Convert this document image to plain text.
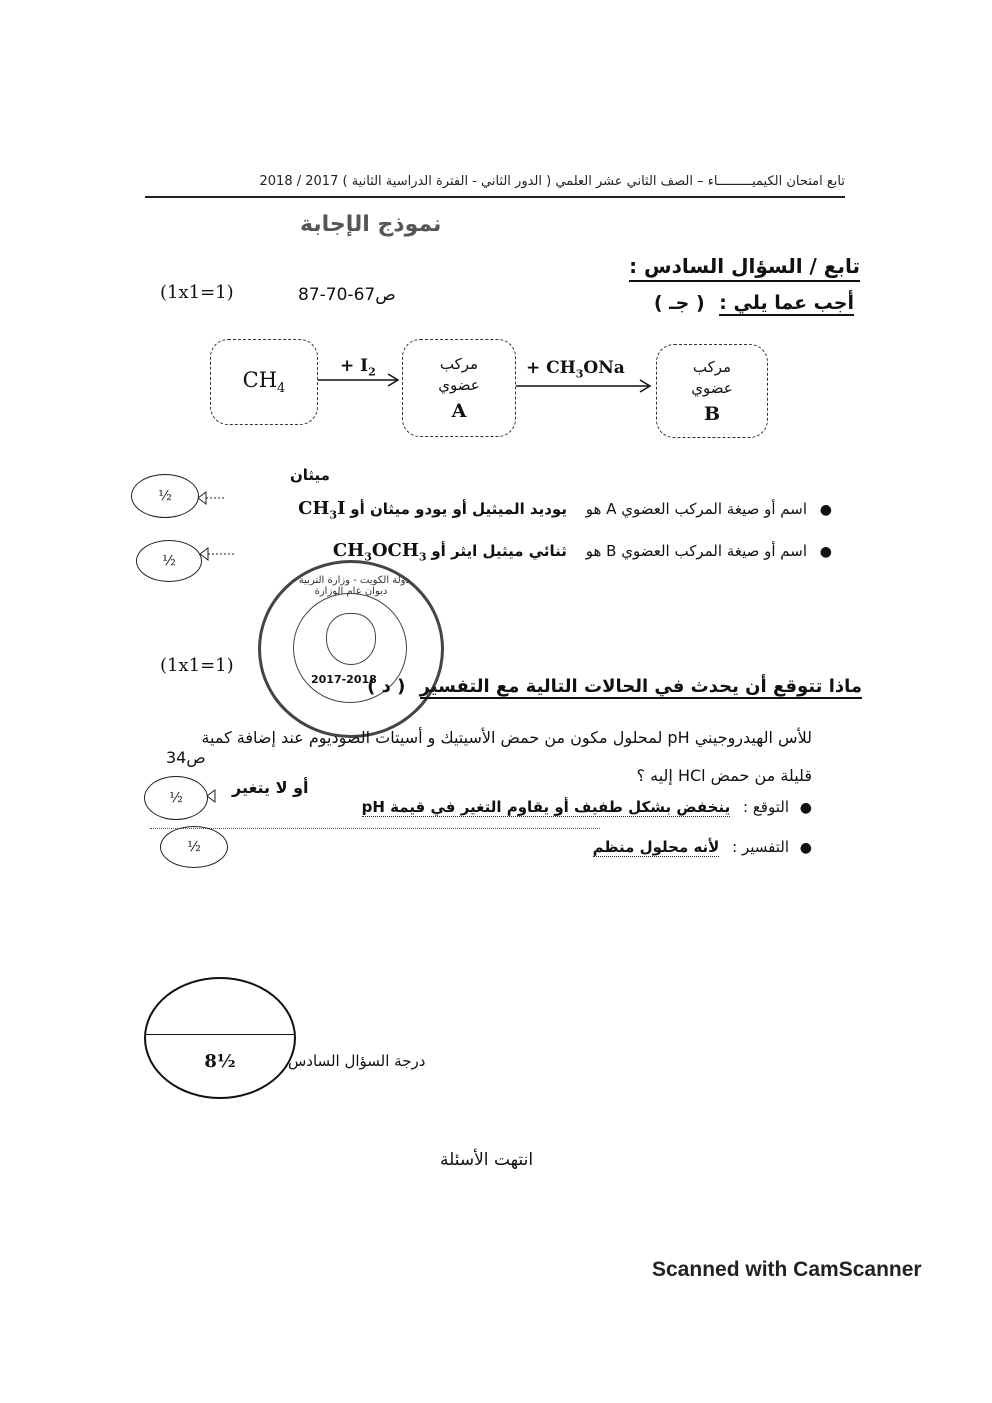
تابع امتحان الكيميـــــــــاء – الصف الثاني عشر العلمي ( الدور الثاني - الفترة الدراسية الثانية ) 2017 / 2018
نموذج الإجابة
تابع / السؤال السادس :
(1x1=1)	ص67-70-87	أجب عما يلي : ( جـ )
$CH_4$
+ $I_2$	مركب
عضوي
A
+ $CH_3ONa$	مركب
عضوي
B
½
ميثان
● اسم أو صيغة المركب العضوي A هو يوديد الميثيل أو يودو ميثان أو $CH_3I$
½
● اسم أو صيغة المركب العضوي B هو ثنائي ميثيل ايثر أو $CH_3OCH_3$
دولة الكويت - وزارة التربية - ديوان عام الوزارة
2017-2018
(1x1=1)
ماذا تتوقع أن يحدث في الحالات التالية مع التفسير ( د )
للأس الهيدروجيني pH لمحلول مكون من حمض الأسيتيك و أسيتات الصوديوم عند إضافة كمية
ص34
قليلة من حمض HCl إليه ؟
½
أو لا يتغير
● التوقع : ينخفض بشكل طفيف أو يقاوم التغير في قيمة pH
½	● التفسير : لأنه محلول منظم
8½	درجة السؤال السادس
انتهت الأسئلة
Scanned with CamScanner
